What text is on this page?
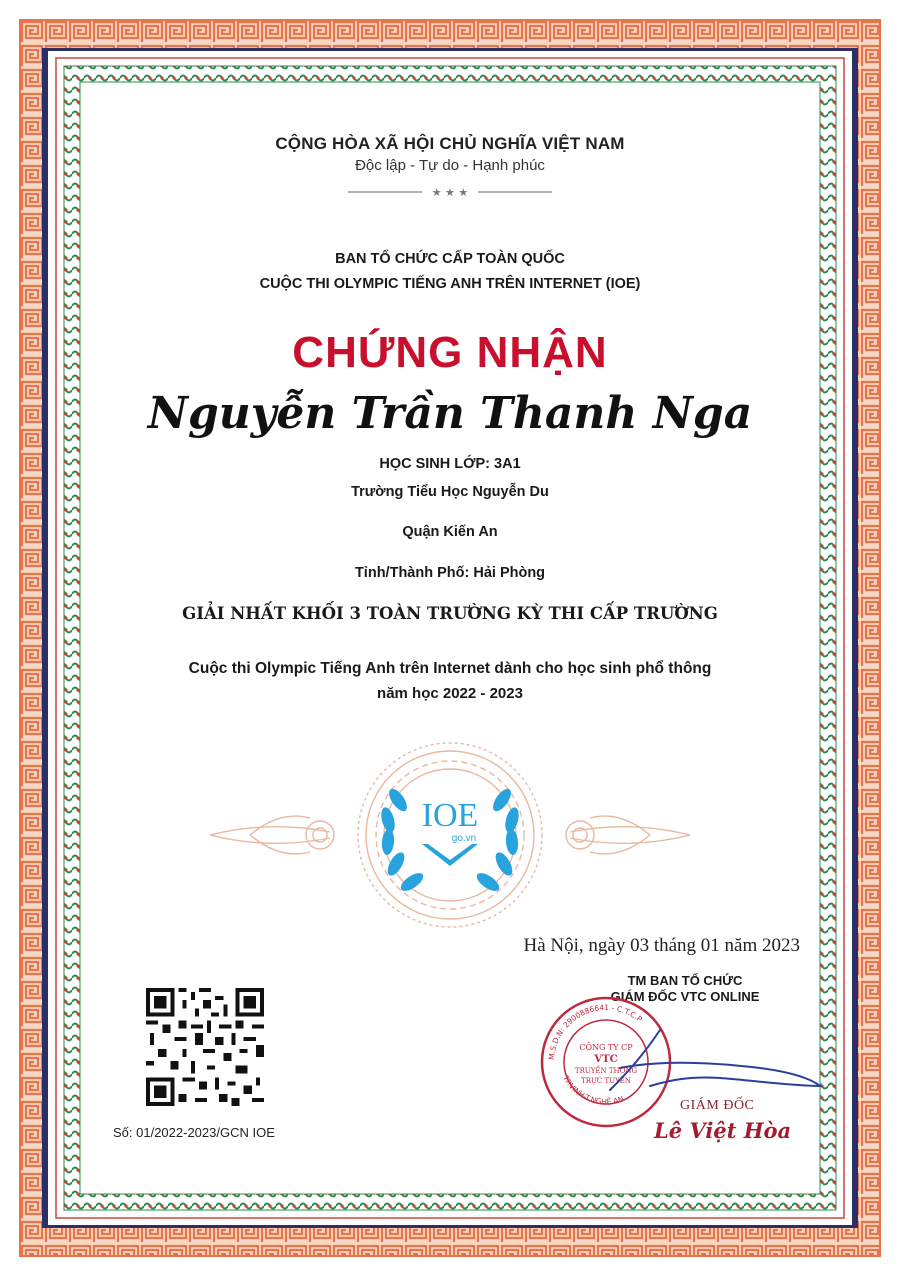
CỘNG HÒA XÃ HỘI CHỦ NGHĨA VIỆT NAM
Độc lập - Tự do - Hạnh phúc
★ ★ ★
BAN TỔ CHỨC CẤP TOÀN QUỐC
CUỘC THI OLYMPIC TIẾNG ANH TRÊN INTERNET (IOE)
CHỨNG NHẬN
Nguyễn Trần Thanh Nga
HỌC SINH LỚP: 3A1
Trường Tiểu Học Nguyễn Du
Quận Kiến An
Tỉnh/Thành Phố: Hải Phòng
GIẢI NHẤT KHỐI 3 TOÀN TRƯỜNG KỲ THI CẤP TRƯỜNG
Cuộc thi Olympic Tiếng Anh trên Internet dành cho học sinh phổ thông
năm học 2022 - 2023
IOE
go.vn
Hà Nội, ngày 03 tháng 01 năm 2023
TM BAN TỔ CHỨC
GIÁM ĐỐC VTC ONLINE
M.S.D.N: 2900886641 - C.T.C.P
TP.VINH-T.NGHỆ AN
CÔNG TY CP
VTC
TRUYỀN THÔNG
TRỰC TUYẾN
GIÁM ĐỐC
Lê Việt Hòa
Số: 01/2022-2023/GCN IOE
